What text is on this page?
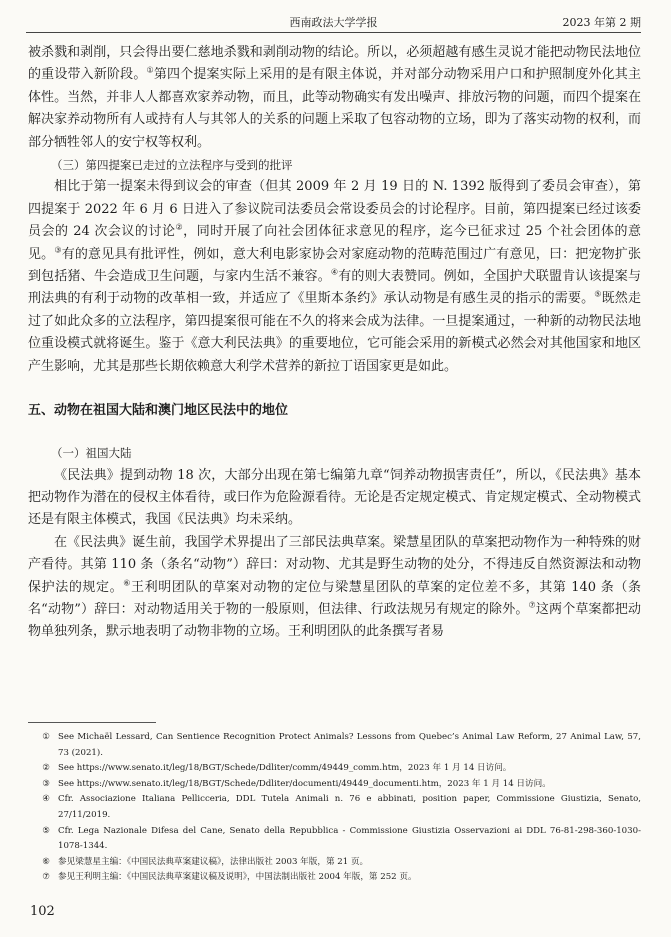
西南政法大学学报	2023 年第 2 期

被杀戮和剥削，只会得出要仁慈地杀戮和剥削动物的结论。所以，必须超越有感生灵说才能把动物民法地位的重设带入新阶段。①第四个提案实际上采用的是有限主体说，并对部分动物采用户口和护照制度外化其主体性。当然，并非人人都喜欢家养动物，而且，此等动物确实有发出噪声、排放污物的问题，而四个提案在解决家养动物所有人或持有人与其邻人的关系的问题上采取了包容动物的立场，即为了落实动物的权利，而部分牺牲邻人的安宁权等权利。

（三）第四提案已走过的立法程序与受到的批评

相比于第一提案未得到议会的审查（但其 2009 年 2 月 19 日的 N. 1392 版得到了委员会审查），第四提案于 2022 年 6 月 6 日进入了参议院司法委员会常设委员会的讨论程序。目前，第四提案已经过该委员会的 24 次会议的讨论②，同时开展了向社会团体征求意见的程序，迄今已征求过 25 个社会团体的意见。③有的意见具有批评性，例如，意大利电影家协会对家庭动物的范畴范围过广有意见，曰：把宠物扩张到包括猪、牛会造成卫生问题，与家内生活不兼容。④有的则大表赞同。例如，全国护犬联盟肯认该提案与刑法典的有利于动物的改革相一致，并适应了《里斯本条约》承认动物是有感生灵的指示的需要。⑤既然走过了如此众多的立法程序，第四提案很可能在不久的将来会成为法律。一旦提案通过，一种新的动物民法地位重设模式就将诞生。鉴于《意大利民法典》的重要地位，它可能会采用的新模式必然会对其他国家和地区产生影响，尤其是那些长期依赖意大利学术营养的新拉丁语国家更是如此。

五、动物在祖国大陆和澳门地区民法中的地位

（一）祖国大陆

《民法典》提到动物 18 次，大部分出现在第七编第九章“饲养动物损害责任”，所以，《民法典》基本把动物作为潜在的侵权主体看待，或曰作为危险源看待。无论是否定规定模式、肯定规定模式、全动物模式还是有限主体模式，我国《民法典》均未采纳。

在《民法典》诞生前，我国学术界提出了三部民法典草案。梁慧星团队的草案把动物作为一种特殊的财产看待。其第 110 条（条名“动物”）辞曰：对动物、尤其是野生动物的处分，不得违反自然资源法和动物保护法的规定。⑥王利明团队的草案对动物的定位与梁慧星团队的草案的定位差不多，其第 140 条（条名“动物”）辞曰：对动物适用关于物的一般原则，但法律、行政法规另有规定的除外。⑦这两个草案都把动物单独列条，默示地表明了动物非物的立场。王利明团队的此条撰写者易

① See Michaël Lessard, Can Sentience Recognition Protect Animals? Lessons from Quebec’s Animal Law Reform, 27 Animal Law, 57, 73 (2021).
② See https://www.senato.it/leg/18/BGT/Schede/Ddliter/comm/49449_comm.htm，2023 年 1 月 14 日访问。
③ See https://www.senato.it/leg/18/BGT/Schede/Ddliter/documenti/49449_documenti.htm，2023 年 1 月 14 日访问。
④ Cfr. Associazione Italiana Pellicceria, DDL Tutela Animali n. 76 e abbinati, position paper, Commissione Giustizia, Senato, 27/11/2019.
⑤ Cfr. Lega Nazionale Difesa del Cane, Senato della Repubblica - Commissione Giustizia Osservazioni ai DDL 76-81-298-360-1030-1078-1344.
⑥ 参见梁慧星主编：《中国民法典草案建议稿》，法律出版社 2003 年版，第 21 页。
⑦ 参见王利明主编：《中国民法典草案建议稿及说明》，中国法制出版社 2004 年版，第 252 页。
102
